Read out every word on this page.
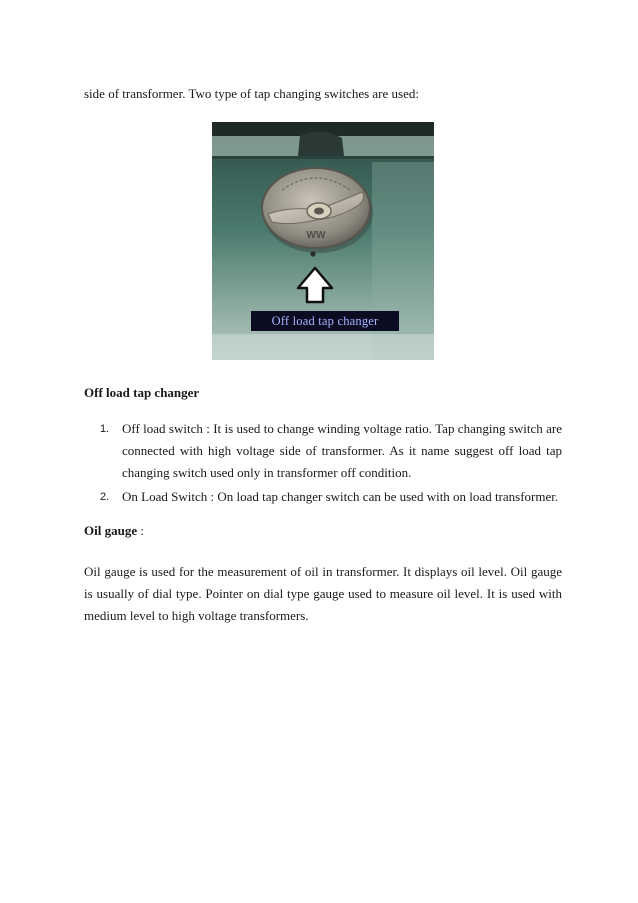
side of transformer. Two type of tap changing switches are used:

WW
Off load tap changer
Off load tap changer
1. Off load switch : It is used to change winding voltage ratio. Tap changing switch are connected with high voltage side of transformer. As it name suggest off load tap changing switch used only in transformer off condition.
2. On Load Switch : On load tap changer switch can be used with on load transformer.
Oil gauge :

Oil gauge is used for the measurement of oil in transformer. It displays oil level. Oil gauge is usually of dial type. Pointer on dial type gauge used to measure oil level. It is used with medium level to high voltage transformers.
